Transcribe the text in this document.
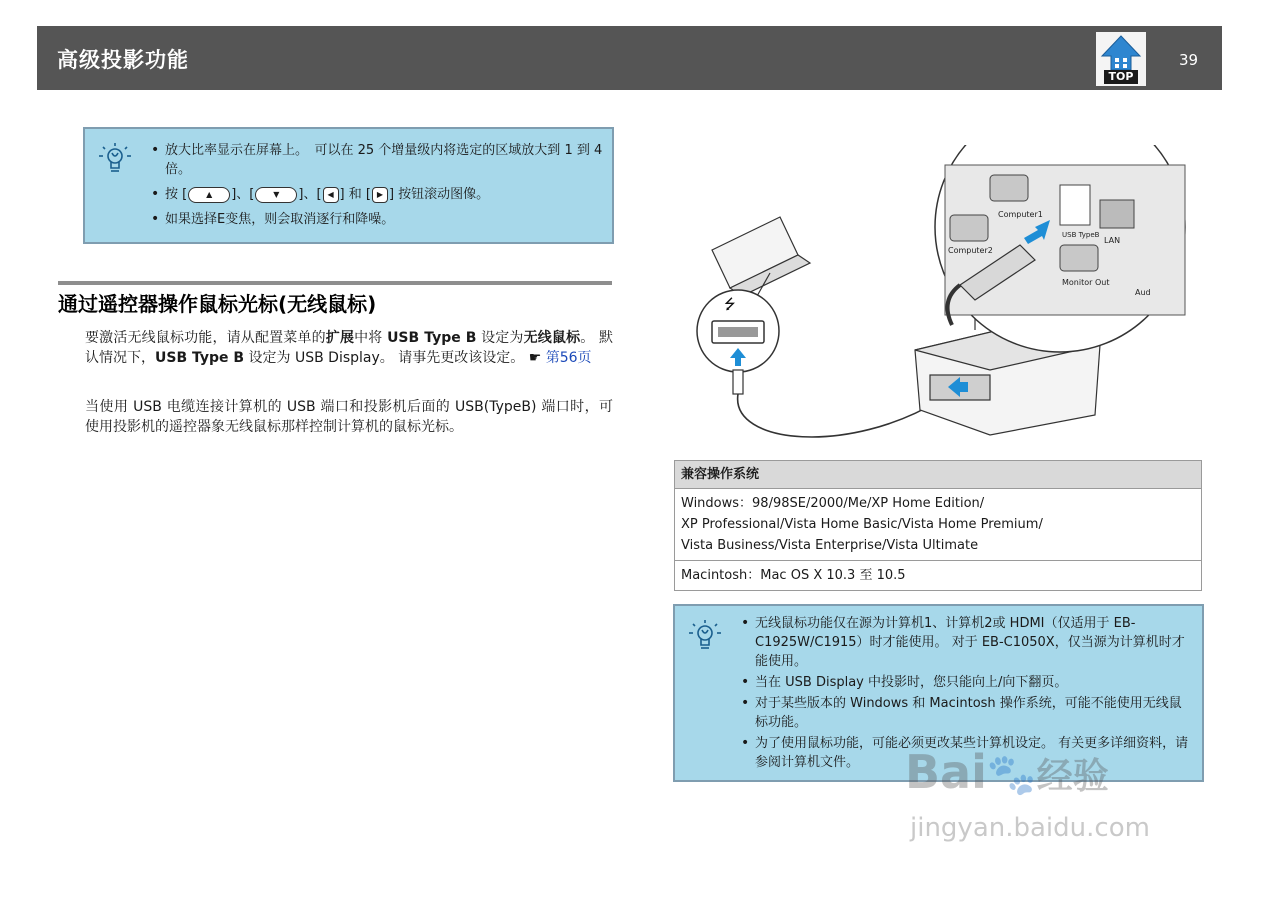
高级投影功能
TOP
39
• 放大比率显示在屏幕上。　可以在 25 个增量级内将选定的区域放大到 1 到 4 倍。
• 按 [ ▲ ]、[ ▼ ]、[ ◀ ] 和 [ ▶ ] 按钮滚动图像。
• 如果选择E变焦，则会取消逐行和降噪。
通过遥控器操作鼠标光标(无线鼠标)
要激活无线鼠标功能，请从配置菜单的扩展中将 USB Type B 设定为无线鼠标。 默认情况下，USB Type B 设定为 USB Display。 请事先更改该设定。 ☛ 第56页
当使用 USB 电缆连接计算机的 USB 端口和投影机后面的 USB(TypeB) 端口时，可使用投影机的遥控器象无线鼠标那样控制计算机的鼠标光标。
⭍
Computer1
Computer2
USB TypeB
LAN
Monitor Out
Aud
兼容操作系统
Windows：98/98SE/2000/Me/XP Home Edition/
XP Professional/Vista Home Basic/Vista Home Premium/
Vista Business/Vista Enterprise/Vista Ultimate
Macintosh：Mac OS X 10.3 至 10.5
• 无线鼠标功能仅在源为计算机1、计算机2或 HDMI（仅适用于 EB-C1925W/C1915）时才能使用。 对于 EB-C1050X，仅当源为计算机时才能使用。
• 当在 USB Display 中投影时，您只能向上/向下翻页。
• 对于某些版本的 Windows 和 Macintosh 操作系统，可能不能使用无线鼠标功能。
• 为了使用鼠标功能，可能必须更改某些计算机设定。 有关更多详细资料，请参阅计算机文件。 Bai🐾经验
jingyan.baidu.com
